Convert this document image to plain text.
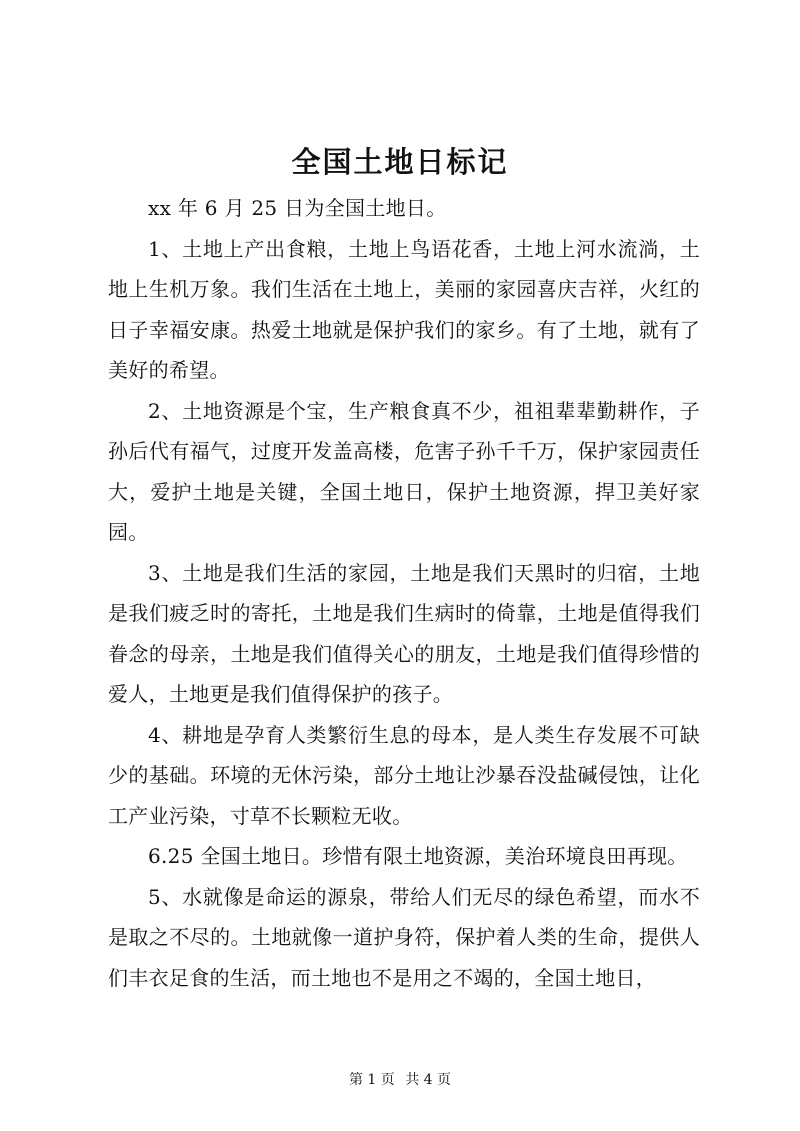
全国土地日标记

xx 年 6 月 25 日为全国土地日。

1、土地上产出食粮，土地上鸟语花香，土地上河水流淌，土地上生机万象。我们生活在土地上，美丽的家园喜庆吉祥，火红的日子幸福安康。热爱土地就是保护我们的家乡。有了土地，就有了美好的希望。

2、土地资源是个宝，生产粮食真不少，祖祖辈辈勤耕作，子孙后代有福气，过度开发盖高楼，危害子孙千千万，保护家园责任大，爱护土地是关键，全国土地日，保护土地资源，捍卫美好家园。

3、土地是我们生活的家园，土地是我们天黑时的归宿，土地是我们疲乏时的寄托，土地是我们生病时的倚靠，土地是值得我们眷念的母亲，土地是我们值得关心的朋友，土地是我们值得珍惜的爱人，土地更是我们值得保护的孩子。

4、耕地是孕育人类繁衍生息的母本，是人类生存发展不可缺少的基础。环境的无休污染，部分土地让沙暴吞没盐碱侵蚀，让化工产业污染，寸草不长颗粒无收。

6.25 全国土地日。珍惜有限土地资源，美治环境良田再现。

5、水就像是命运的源泉，带给人们无尽的绿色希望，而水不是取之不尽的。土地就像一道护身符，保护着人类的生命，提供人们丰衣足食的生活，而土地也不是用之不竭的，全国土地日，

第 1 页 共 4 页
